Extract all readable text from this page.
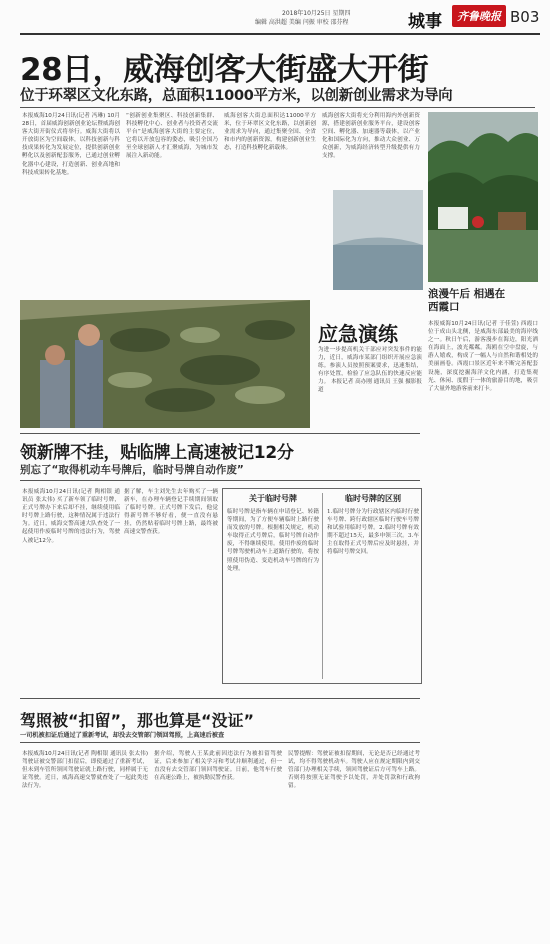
2018年10月25日 星期四
编辑 高洪超 美编 闫振 审校 邵芬程	城事 齐鲁晚报 B03
28日，威海创客大街盛大开街
位于环翠区文化东路，总面积11000平方米，以创新创业需求为导向
本报威海10月24日讯(记者 冯琳) 10月28日，首届威海创新创业论坛暨威海创客大街开街仪式将举行。威海大街将以开放街区为空间载体，以科技创新与科技成果转化为发展定位，提供创新创业孵化以及创新配套服务，已通过创业孵化器中心建设，打造创新、创业高地和科技成果转化基地。
“创新创业集聚区、科技创新集群、科技孵化中心、创业者与投资者交流平台”是威海创客大街的主要定位，它将以开放包容的姿态，吸引全国乃至全球创新人才汇聚威海，为城市发展注入新动能。
威海创客大街总面积达11000平方米，位于环翠区文化东路，以创新创业需求为导向，通过集聚全国、全省和市内的创新资源，构建创新创业生态，打造科技孵化新载体。
威海创客大街将充分利用海内外创新资源，搭建创新创业服务平台，建设创客空间、孵化器、加速器等载体，以产业化和国际化为方向，推动大众创业、万众创新，为威海经济转型升级提供有力支撑。
浪漫午后 相遇在西霞口
本报威海10月24日讯(记者 于佳萱) 西霞口位于成山头北侧，是威海东部最美的海岸线之一。秋日午后，游客漫步在海边，阳光洒在海面上，波光粼粼。海鸥在空中盘旋，与游人嬉戏，构成了一幅人与自然和谐相处的美丽画卷。西霞口景区近年来不断完善配套设施，深度挖掘海洋文化内涵，打造集观光、休闲、度假于一体的旅游目的地，吸引了大量外地游客前来打卡。
应急演练
为进一步提高机关干部应对突发事件的能力，近日，威海市某部门组织开展应急演练。参演人员按照预案要求，迅速集结，有序处置，检验了应急队伍的快速反应能力。 本报记者 高办刚 通讯员 王强 摄影报道
领新牌不挂，贴临牌上高速被记12分
别忘了“取得机动车号牌后，临时号牌自动作废”
本报威海10月24日讯(记者 陶相银 通讯员 张太伟) 买了新车领了临时号牌，正式号牌办下来后却不挂，继续使用临时号牌上路行驶，这种情况属于违法行为。近日，威海交警高速大队查处了一起使用作废临时号牌的违法行为，驾驶人被记12分。
据了解，车主刘先生去年购买了一辆新车，在办理车辆登记手续期间领取了临时号牌。正式号牌下发后，他觉得新号牌不够好看，便一直没有悬挂，仍然贴着临时号牌上路，最终被高速交警查获。
关于临时号牌
临时号牌是指车辆在申请登记、转籍等期间，为了方便车辆临时上路行驶而发放的号牌。根据相关规定，机动车取得正式号牌后，临时号牌自动作废，不得继续使用。使用作废的临时号牌驾驶机动车上道路行驶的，将按照使用伪造、变造机动车号牌的行为处理。
临时号牌的区别
1.临时号牌分为行政辖区内临时行驶车号牌、跨行政辖区临时行驶车号牌和试验用临时号牌。2.临时号牌有效期不超过15天，最多申领三次。3.车主在取得正式号牌后应及时悬挂，并将临时号牌交回。
驾照被“扣留”，那也算是“没证”
一司机被扣证后通过了重新考试，却没去交管部门领回驾照，上高速后被查
本报威海10月24日讯(记者 陶相银 通讯员 张太伟) 驾驶证被交警部门扣留后，即使通过了重新考试，但未到车管所领回驾驶证就上路行驶，同样属于无证驾驶。近日，威海高速交警就查处了一起此类违法行为。
据介绍，驾驶人王某此前因违法行为被扣留驾驶证，后来参加了相关学习和考试并顺利通过，但一直没有去交管部门领回驾驶证。日前，他驾车行驶在高速公路上，被执勤民警查获。
民警提醒：驾驶证被扣留期间，无论是否已经通过考试，均不得驾驶机动车。驾驶人应在规定期限内到交管部门办理相关手续，领回驾驶证后方可驾车上路。否则将按照无证驾驶予以处罚，并处罚款和行政拘留。
